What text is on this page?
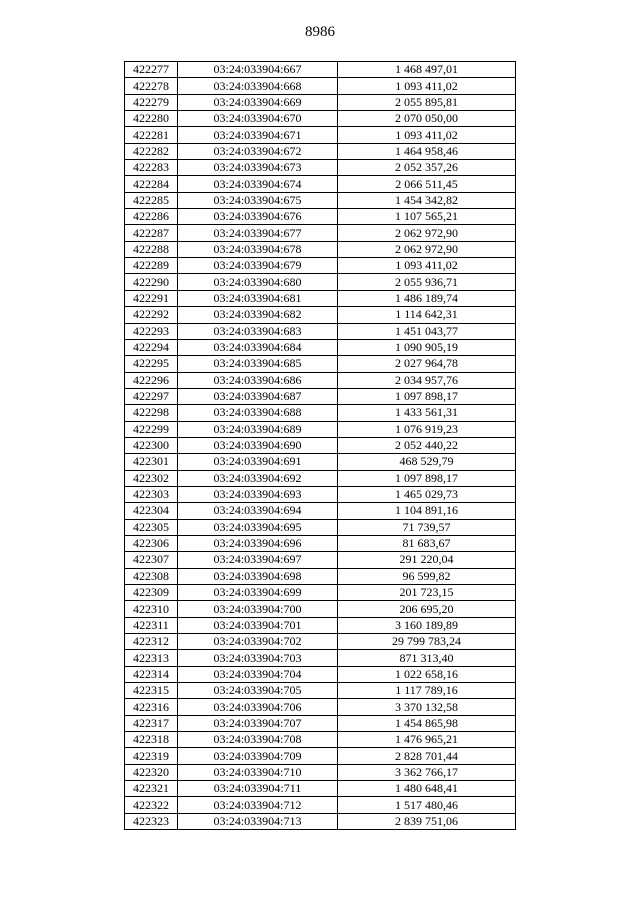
8986
422277	03:24:033904:667	1 468 497,01
422278	03:24:033904:668	1 093 411,02
422279	03:24:033904:669	2 055 895,81
422280	03:24:033904:670	2 070 050,00
422281	03:24:033904:671	1 093 411,02
422282	03:24:033904:672	1 464 958,46
422283	03:24:033904:673	2 052 357,26
422284	03:24:033904:674	2 066 511,45
422285	03:24:033904:675	1 454 342,82
422286	03:24:033904:676	1 107 565,21
422287	03:24:033904:677	2 062 972,90
422288	03:24:033904:678	2 062 972,90
422289	03:24:033904:679	1 093 411,02
422290	03:24:033904:680	2 055 936,71
422291	03:24:033904:681	1 486 189,74
422292	03:24:033904:682	1 114 642,31
422293	03:24:033904:683	1 451 043,77
422294	03:24:033904:684	1 090 905,19
422295	03:24:033904:685	2 027 964,78
422296	03:24:033904:686	2 034 957,76
422297	03:24:033904:687	1 097 898,17
422298	03:24:033904:688	1 433 561,31
422299	03:24:033904:689	1 076 919,23
422300	03:24:033904:690	2 052 440,22
422301	03:24:033904:691	468 529,79
422302	03:24:033904:692	1 097 898,17
422303	03:24:033904:693	1 465 029,73
422304	03:24:033904:694	1 104 891,16
422305	03:24:033904:695	71 739,57
422306	03:24:033904:696	81 683,67
422307	03:24:033904:697	291 220,04
422308	03:24:033904:698	96 599,82
422309	03:24:033904:699	201 723,15
422310	03:24:033904:700	206 695,20
422311	03:24:033904:701	3 160 189,89
422312	03:24:033904:702	29 799 783,24
422313	03:24:033904:703	871 313,40
422314	03:24:033904:704	1 022 658,16
422315	03:24:033904:705	1 117 789,16
422316	03:24:033904:706	3 370 132,58
422317	03:24:033904:707	1 454 865,98
422318	03:24:033904:708	1 476 965,21
422319	03:24:033904:709	2 828 701,44
422320	03:24:033904:710	3 362 766,17
422321	03:24:033904:711	1 480 648,41
422322	03:24:033904:712	1 517 480,46
422323	03:24:033904:713	2 839 751,06
